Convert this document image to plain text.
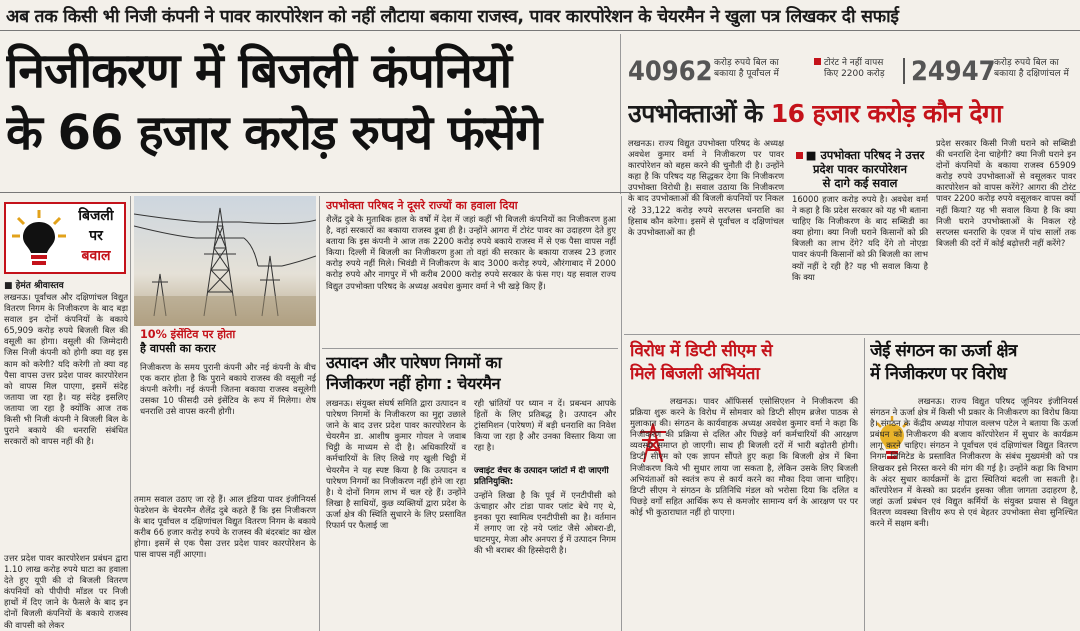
अब तक किसी भी निजी कंपनी ने पावर कारपोरेशन को नहीं लौटाया बकाया राजस्व, पावर कारपोरेशन के चेयरमैन ने खुला पत्र लिखकर दी सफाई
निजीकरण में बिजली कंपनियों
के 66 हजार करोड़ रुपये फंसेंगे
40962 करोड़ रुपये बिल का
बकाया है पूर्वांचल में
टोरंट ने नहीं वापस
किए 2200 करोड़ 24947
करोड़ रुपये बिल का
बकाया है दक्षिणांचल में
उपभोक्ताओं के 16 हजार करोड़ कौन देगा
बिजली
पर
बवाल
■ हेमंत श्रीवास्तव
लखनऊ। पूर्वांचल और दक्षिणांचल विद्युत वितरण निगम के निजीकरण के बाद बड़ा सवाल इन दोनों कंपनियों के बकाये 65,909 करोड़ रुपये बिजली बिल की वसूली का होगा। वसूली की जिम्मेदारी जिस निजी कंपनी को होगी क्या वह इस काम को करेगी? यदि करेगी तो क्या वह पैसा वापस उत्तर प्रदेश पावर कारपोरेशन को वापस मिल पाएगा, इसमें संदेह जताया जा रहा है। यह संदेह इसलिए जताया जा रहा है क्योंकि आज तक किसी भी निजी कंपनी ने बिजली बिल के पुराने बकाये की धनराशि संबंधित सरकारों को वापस नहीं की है।
उत्तर प्रदेश पावर कारपोरेशन प्रबंधन द्वारा 1.10 लाख करोड़ रुपये घाटा का हवाला देते हुए यूपी की दो बिजली वितरण कंपनियों को पीपीपी मॉडल पर निजी हाथों में दिए जाने के फैसले के बाद इन दोनों बिजली कंपनियों के बकाये राजस्व की वापसी को लेकर
10% इंसेंटिव पर होता
है वापसी का करार
निजीकरण के समय पुरानी कंपनी और नई कंपनी के बीच एक करार होता है कि पुराने बकाये राजस्व की वसूली नई कंपनी करेगी। नई कंपनी जितना बकाया राजस्व वसूलेगी उसका 10 फीसदी उसे इंसेंटिव के रूप में मिलेगा। शेष धनराशि उसे वापस करनी होगी।
तमाम सवाल उठाए जा रहे हैं। आल इंडिया पावर इंजीनियर्स फेडरेशन के चेयरमैन शैलेंद्र दुबे कहते हैं कि इस निजीकरण के बाद पूर्वांचल व दक्षिणांचल विद्युत वितरण निगम के बकाये करीब 66 हजार करोड़ रुपये के राजस्व की बंदरबांट का खेल होगा। इसमें से एक पैसा उत्तर प्रदेश पावर कारपोरेशन के पास वापस नहीं आएगा।
उपभोक्ता परिषद ने दूसरे राज्यों का हवाला दिया
शैलेंद्र दुबे के मुताबिक हाल के वर्षों में देश में जहां कहीं भी बिजली कंपनियों का निजीकरण हुआ है, वहां सरकारों का बकाया राजस्व डूबा ही है। उन्होंने आगरा में टोरंट पावर का उदाहरण देते हुए बताया कि इस कंपनी ने आज तक 2200 करोड़ रुपये बकाये राजस्व में से एक पैसा वापस नहीं किया। दिल्ली में बिजली का निजीकरण हुआ तो वहां की सरकार के बकाया राजस्व 23 हजार करोड़ रुपये नहीं मिले। भिवंडी में निजीकरण के बाद 3000 करोड़ रुपये, औरंगाबाद में 2000 करोड़ रुपये और नागपुर में भी करीब 2000 करोड़ रुपये सरकार के फंस गए। यह सवाल राज्य विद्युत उपभोक्ता परिषद के अध्यक्ष अवधेश कुमार वर्मा ने भी खड़े किए हैं।
उत्पादन और पारेषण निगमों का
निजीकरण नहीं होगा : चेयरमैन
लखनऊ। संयुक्त संघर्ष समिति द्वारा उत्पादन व पारेषण निगमों के निजीकरण का मुद्दा उछाले जाने के बाद उत्तर प्रदेश पावर कारपोरेशन के चेयरमैन डा. आशीष कुमार गोयल ने जवाब चिट्ठी के माध्यम से दी है। अधिकारियों व कर्मचारियों के लिए लिखे गए खुली चिट्ठी में चेयरमैन ने यह स्पष्ट किया है कि उत्पादन व पारेषण निगमों का निजीकरण नहीं होने जा रहा है। ये दोनों निगम लाभ में चल रहे हैं। उन्होंने लिखा है साथियों, कुछ व्यक्तियों द्वारा प्रदेश के ऊर्जा क्षेत्र की स्थिति सुधारने के लिए प्रस्तावित रिफार्म पर फैलाई जा
रही भ्रांतियों पर ध्यान न दें। प्रबन्धन आपके हितों के लिए प्रतिबद्ध है। उत्पादन और ट्रांसमिशन (पारेषण) में बड़ी धनराशि का निवेश किया जा रहा है और उनका विस्तार किया जा रहा है।
ज्वाइंट वेंचर के उत्पादन प्लांटों में दी जाएगी प्रतिनियुक्ति:
उन्होंने लिखा है कि पूर्व में एनटीपीसी को ऊंचाहार और टांडा पावर प्लांट बेचे गए थे, इनका पूरा स्वामित्व एनटीपीसी का है। वर्तमान में लगाए जा रहे नये प्लांट जैसे ओबरा-डी, घाटमपुर, मेजा और अनपरा ई में उत्पादन निगम की भी बराबर की हिस्सेदारी है।
लखनऊ। राज्य विद्युत उपभोक्ता परिषद के अध्यक्ष अवधेश कुमार वर्मा ने निजीकरण पर पावर कारपोरेशन को बहस करने की चुनौती दी है। उन्होंने कहा है कि परिषद यह सिद्धकर देगा कि निजीकरण उपभोक्ता विरोधी है। सवाल उठाया कि निजीकरण के बाद उपभोक्ताओं की बिजली कंपनियों पर निकल रहे 33,122 करोड़ रुपये सरप्लस धनराशि का हिसाब कौन करेगा। इसमें से पूर्वांचल व दक्षिणांचल के उपभोक्ताओं का ही
■ उपभोक्ता परिषद ने उत्तर
प्रदेश पावर कारपोरेशन
से दागे कई सवाल
16000 हजार करोड़ रुपये है। अवधेश वर्मा ने कहा है कि प्रदेश सरकार को यह भी बताना चाहिए कि निजीकरण के बाद सब्सिडी का क्या होगा। क्या निजी घराने किसानों को फ्री बिजली का लाभ देंगे? यदि देंगे तो नोएडा पावर कंपनी किसानों को फ्री बिजली का लाभ क्यों नहीं दे रही है? यह भी सवाल किया है कि क्या
प्रदेश सरकार किसी निजी घराने को सब्सिडी की धनराशि देना चाहेगी? क्या निजी घराने इन दोनों कंपनियों के बकाया राजस्व 65909 करोड़ रुपये उपभोक्ताओं से वसूलकर पावर कारपोरेशन को वापस करेंगे? आगरा की टोरंट पावर 2200 करोड़ रुपये वसूलकर वापस क्यों नहीं किया? यह भी सवाल किया है कि क्या निजी घराने उपभोक्ताओं के निकल रहे सरप्लस धनराशि के एवज में पांच सालों तक बिजली की दरों में कोई बढ़ोत्तरी नहीं करेंगे?
विरोध में डिप्टी सीएम से
मिले बिजली अभियंता
लखनऊ। पावर ऑफिसर्स एसोसिएशन ने निजीकरण की प्रक्रिया शुरू करने के विरोध में सोमवार को डिप्टी सीएम ब्रजेश पाठक से मुलाकात की। संगठन के कार्यवाहक अध्यक्ष अवधेश कुमार वर्मा ने कहा कि निजीकरण की प्रक्रिया से दलित और पिछड़े वर्ग कर्मचारियों की आरक्षण व्यवस्था समाप्त हो जाएगी। साथ ही बिजली दरों में भारी बढ़ोतरी होगी। डिप्टी सीएम को एक ज्ञापन सौंपते हुए कहा कि बिजली क्षेत्र में बिना निजीकरण किये भी सुधार लाया जा सकता है, लेकिन उसके लिए बिजली अभियंताओं को स्वतंत्र रूप से कार्य करने का मौका दिया जाना चाहिए। डिप्टी सीएम ने संगठन के प्रतिनिधि मंडल को भरोसा दिया कि दलित व पिछड़े वर्गों सहित आर्थिक रूप से कमजोर सामान्य वर्ग के आरक्षण पर पर कोई भी कुठाराघात नहीं हो पाएगा।
जेई संगठन का ऊर्जा क्षेत्र
में निजीकरण पर विरोध
लखनऊ। राज्य विद्युत परिषद जूनियर इंजीनियर्स संगठन ने ऊर्जा क्षेत्र में किसी भी प्रकार के निजीकरण का विरोध किया है। संगठन के केंद्रीय अध्यक्ष गोपाल वल्लभ पटेल ने बताया कि ऊर्जा प्रबंधन को निजीकरण की बजाय कॉरपोरेशन में सुधार के कार्यक्रम लागू करने चाहिए। संगठन ने पूर्वांचल एवं दक्षिणांचल विद्युत वितरण निगम लिमिटेड के प्रस्तावित निजीकरण के संबंध मुख्यमंत्री को पत्र लिखकर इसे निरस्त करने की मांग की गई है। उन्होंने कहा कि विभाग के अंदर सुधार कार्यक्रमों के द्वारा स्थितियां बदली जा सकती है। कॉरपोरेशन में केस्को का प्रदर्शन इसका जीता जागता उदाहरण है, जहां ऊर्जा प्रबंधन एवं विद्युत कर्मियों के संयुक्त प्रयास से विद्युत वितरण व्यवस्था वित्तीय रूप से एवं बेहतर उपभोक्ता सेवा सुनिश्चित करने में सक्षम बनी।
